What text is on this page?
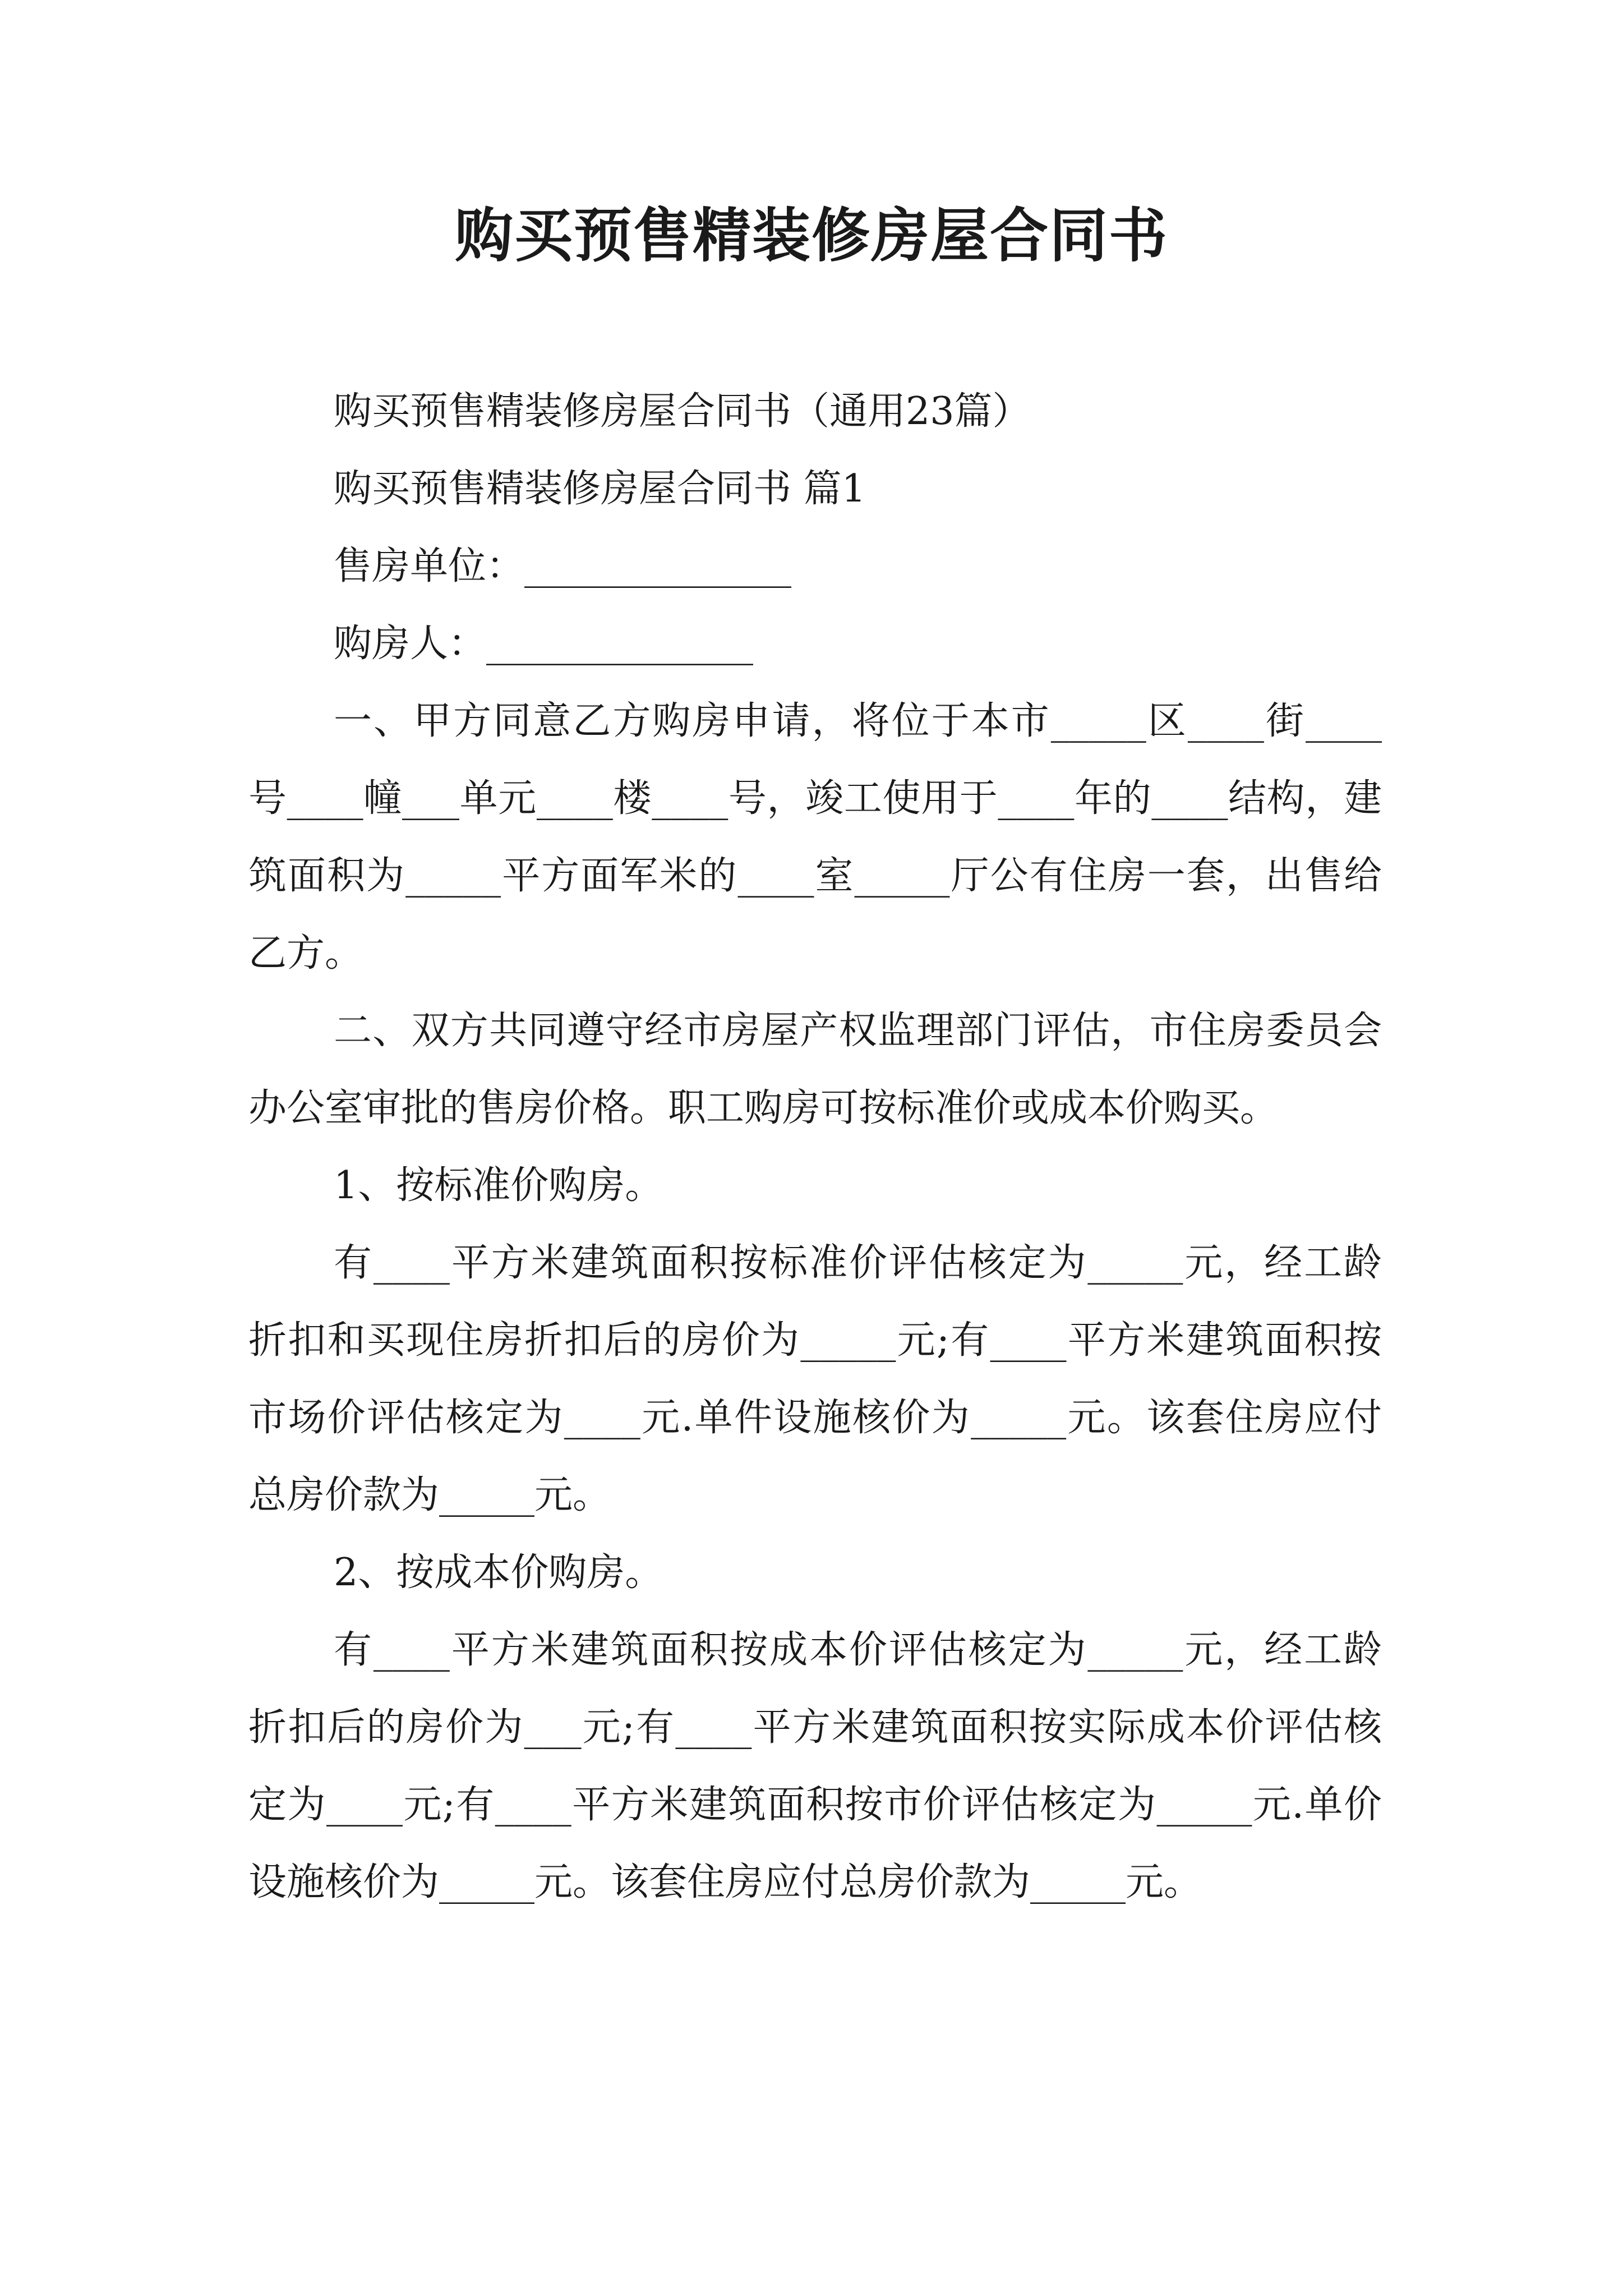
购买预售精装修房屋合同书

购买预售精装修房屋合同书（通用23篇）

购买预售精装修房屋合同书 篇1

售房单位：______________

购房人：______________

一、甲方同意乙方购房申请，将位于本市_____区____街____号____幢___单元____楼____号，竣工使用于____年的____结构，建筑面积为_____平方面军米的____室_____厅公有住房一套，出售给乙方。

二、双方共同遵守经市房屋产权监理部门评估，市住房委员会办公室审批的售房价格。职工购房可按标准价或成本价购买。

1、按标准价购房。

有____平方米建筑面积按标准价评估核定为_____元，经工龄折扣和买现住房折扣后的房价为_____元;有____平方米建筑面积按市场价评估核定为____元.单件设施核价为_____元。该套住房应付总房价款为_____元。

2、按成本价购房。

有____平方米建筑面积按成本价评估核定为_____元，经工龄折扣后的房价为___元;有____平方米建筑面积按实际成本价评估核定为____元;有____平方米建筑面积按市价评估核定为_____元.单价设施核价为_____元。该套住房应付总房价款为_____元。
